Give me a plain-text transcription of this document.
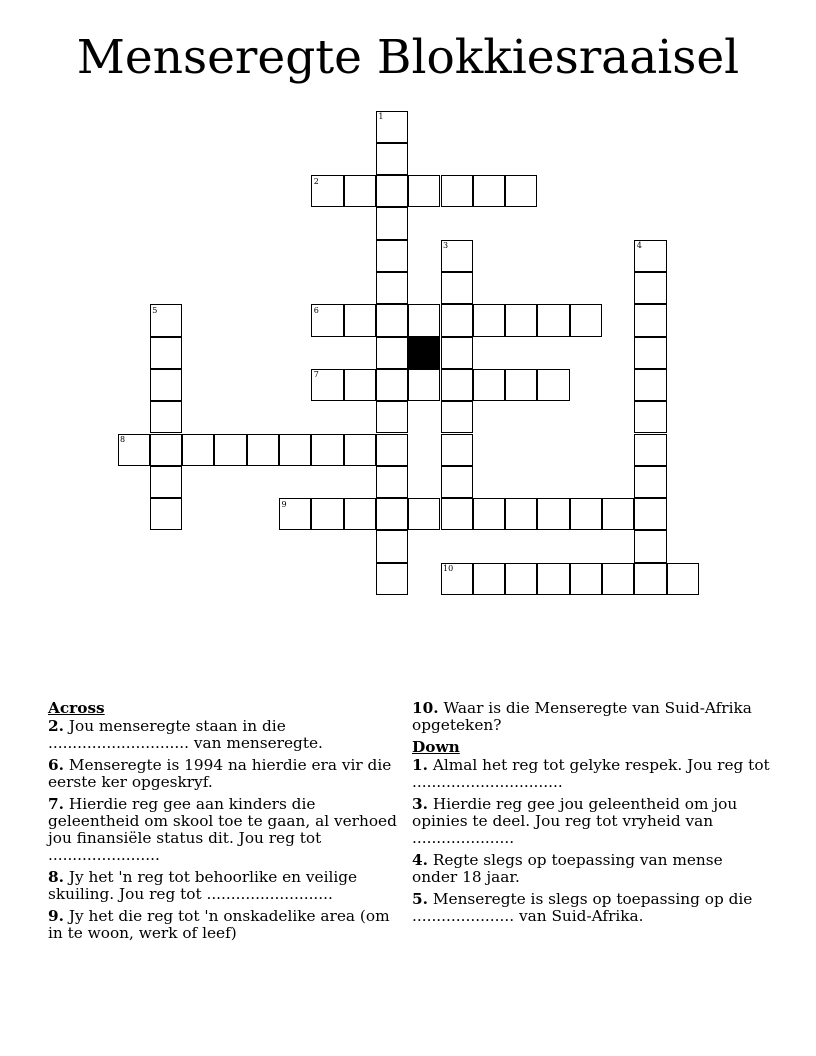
Menseregte Blokkiesraaisel
1
2
3	4
5	6
7
8
9
10
Across
2. Jou menseregte staan in die ............................. van menseregte.
6. Menseregte is 1994 na hierdie era vir die eerste ker opgeskryf.
7. Hierdie reg gee aan kinders die geleentheid om skool toe te gaan, al verhoed jou finansiële status dit. Jou reg tot .......................
8. Jy het 'n reg tot behoorlike en veilige skuiling. Jou reg tot ..........................
9. Jy het die reg tot 'n onskadelike area (om in te woon, werk of leef)
10. Waar is die Menseregte van Suid-Afrika opgeteken?
Down
1. Almal het reg tot gelyke respek. Jou reg tot ...............................
3. Hierdie reg gee jou geleentheid om jou opinies te deel. Jou reg tot vryheid van .....................
4. Regte slegs op toepassing van mense onder 18 jaar.
5. Menseregte is slegs op toepassing op die ..................... van Suid-Afrika.
